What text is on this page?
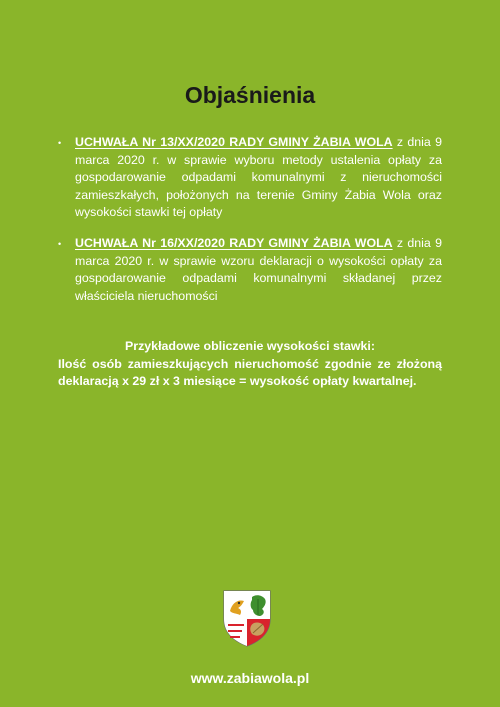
Objaśnienia
• UCHWAŁA Nr 13/XX/2020 RADY GMINY ŻABIA WOLA z dnia 9 marca 2020 r. w sprawie wyboru metody ustalenia opłaty za gospodarowanie odpadami komunalnymi z nieruchomości zamieszkałych, położonych na terenie Gminy Żabia Wola oraz wysokości stawki tej opłaty

• UCHWAŁA Nr 16/XX/2020 RADY GMINY ŻABIA WOLA z dnia 9 marca 2020 r. w sprawie wzoru deklaracji o wysokości opłaty za gospodarowanie odpadami komunalnymi składanej przez właściciela nieruchomości

Przykładowe obliczenie wysokości stawki:
Ilość osób zamieszkujących nieruchomość zgodnie ze złożoną deklaracją x 29 zł x 3 miesiące = wysokość opłaty kwartalnej.
www.zabiawola.pl
